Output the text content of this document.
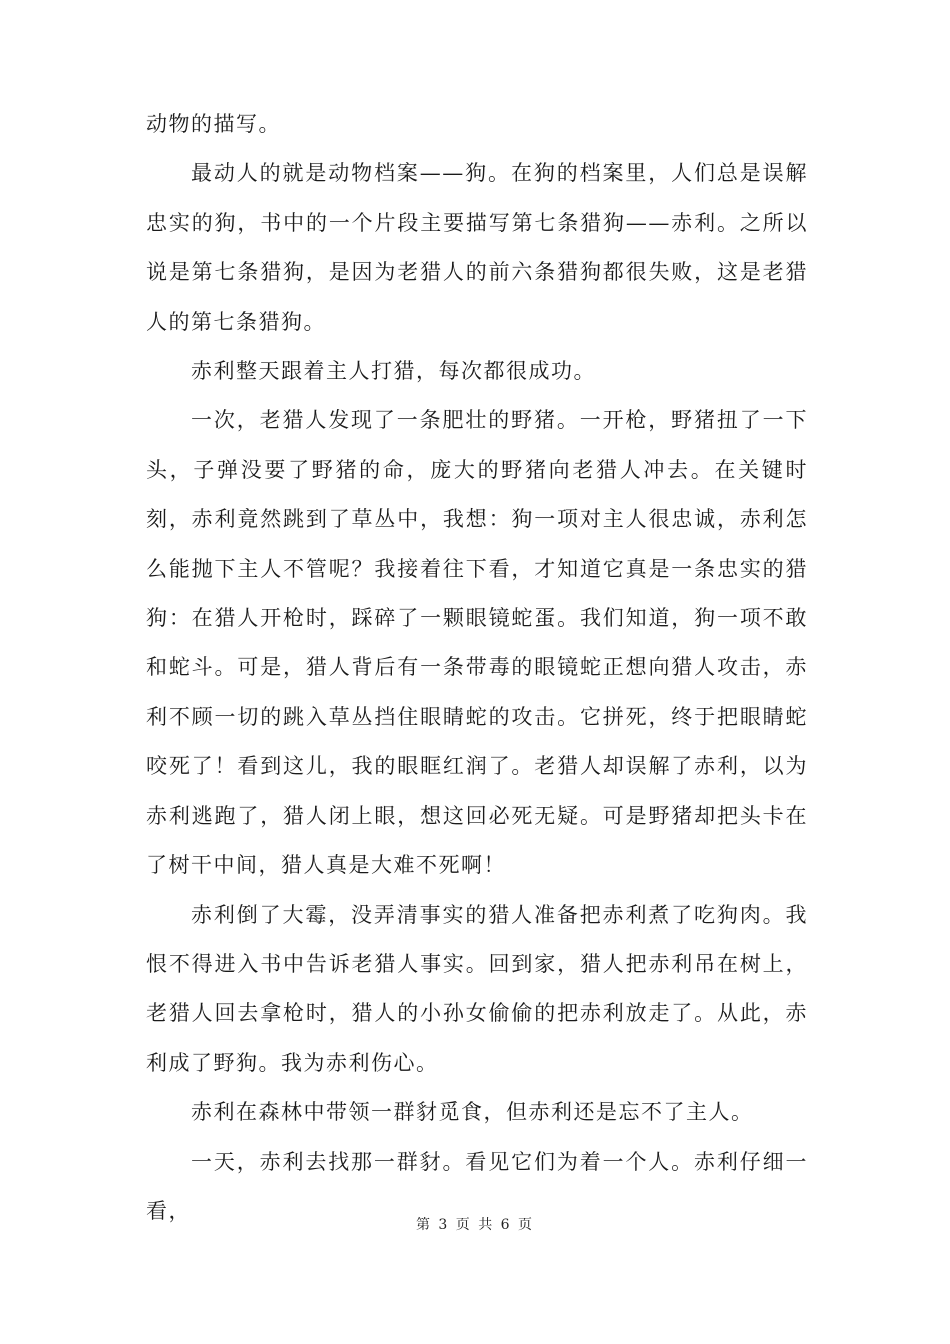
动物的描写。

最动人的就是动物档案——狗。在狗的档案里，人们总是误解忠实的狗，书中的一个片段主要描写第七条猎狗——赤利。之所以说是第七条猎狗，是因为老猎人的前六条猎狗都很失败，这是老猎人的第七条猎狗。

赤利整天跟着主人打猎，每次都很成功。

一次，老猎人发现了一条肥壮的野猪。一开枪，野猪扭了一下头，子弹没要了野猪的命，庞大的野猪向老猎人冲去。在关键时刻，赤利竟然跳到了草丛中，我想：狗一项对主人很忠诚，赤利怎么能抛下主人不管呢？我接着往下看，才知道它真是一条忠实的猎狗：在猎人开枪时，踩碎了一颗眼镜蛇蛋。我们知道，狗一项不敢和蛇斗。可是，猎人背后有一条带毒的眼镜蛇正想向猎人攻击，赤利不顾一切的跳入草丛挡住眼睛蛇的攻击。它拼死，终于把眼睛蛇咬死了！看到这儿，我的眼眶红润了。老猎人却误解了赤利，以为赤利逃跑了，猎人闭上眼，想这回必死无疑。可是野猪却把头卡在了树干中间，猎人真是大难不死啊！

赤利倒了大霉，没弄清事实的猎人准备把赤利煮了吃狗肉。我恨不得进入书中告诉老猎人事实。回到家，猎人把赤利吊在树上，老猎人回去拿枪时，猎人的小孙女偷偷的把赤利放走了。从此，赤利成了野狗。我为赤利伤心。

赤利在森林中带领一群豺觅食，但赤利还是忘不了主人。

一天，赤利去找那一群豺。看见它们为着一个人。赤利仔细一看，

第 3 页 共 6 页
